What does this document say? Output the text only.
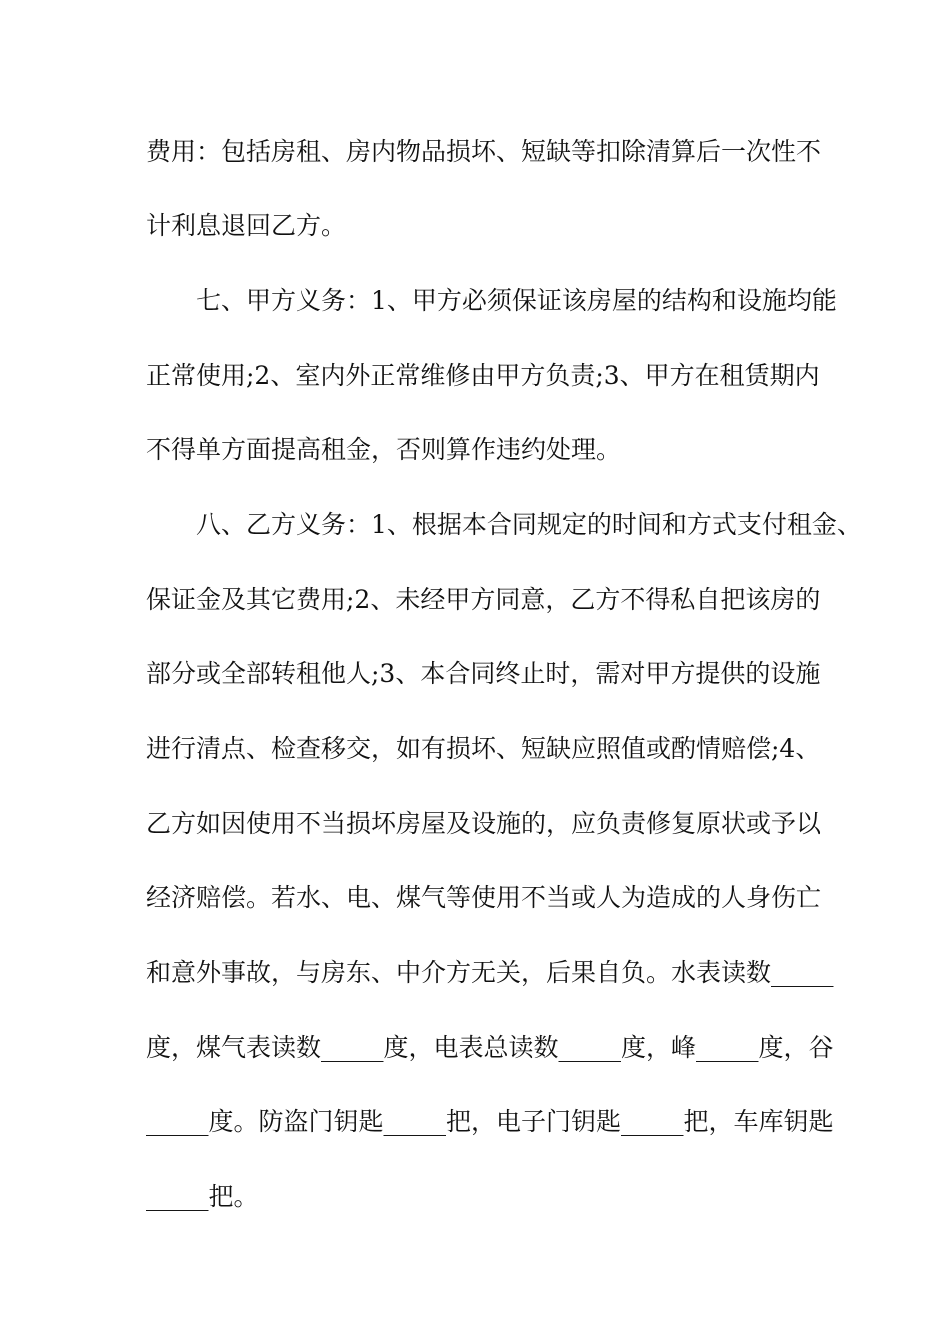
费用：包括房租、房内物品损坏、短缺等扣除清算后一次性不
计利息退回乙方。
七、甲方义务：1、甲方必须保证该房屋的结构和设施均能
正常使用;2、室内外正常维修由甲方负责;3、甲方在租赁期内
不得单方面提高租金，否则算作违约处理。
八、乙方义务：1、根据本合同规定的时间和方式支付租金、
保证金及其它费用;2、未经甲方同意，乙方不得私自把该房的
部分或全部转租他人;3、本合同终止时，需对甲方提供的设施
进行清点、检查移交，如有损坏、短缺应照值或酌情赔偿;4、
乙方如因使用不当损坏房屋及设施的，应负责修复原状或予以
经济赔偿。若水、电、煤气等使用不当或人为造成的人身伤亡
和意外事故，与房东、中介方无关，后果自负。水表读数_____
度，煤气表读数_____度，电表总读数_____度，峰_____度，谷
_____度。防盗门钥匙_____把，电子门钥匙_____把，车库钥匙
_____把。
